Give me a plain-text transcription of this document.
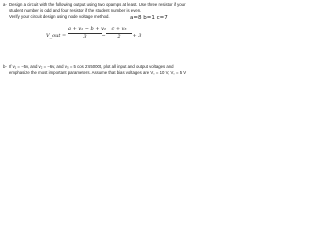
a- Design a circuit with the following output using two opamps at least. Use three resistor if your
student number is odd and four resistor if the student number is even.
Verify your circuit design using node voltage method.	a=8 b=1 c=7
V_out =
a + v₁ − b + v₂
3	−
c + v₃
2	+ 3
b- If v₁ = −5v, and v₂ = −6v, and v₃ = 5 cos 2π5000t, plot all input and output voltages and
emphasize the most important parameters. Assume that bias voltages are V꜀ = 10 V, V꜀ = 5 V
